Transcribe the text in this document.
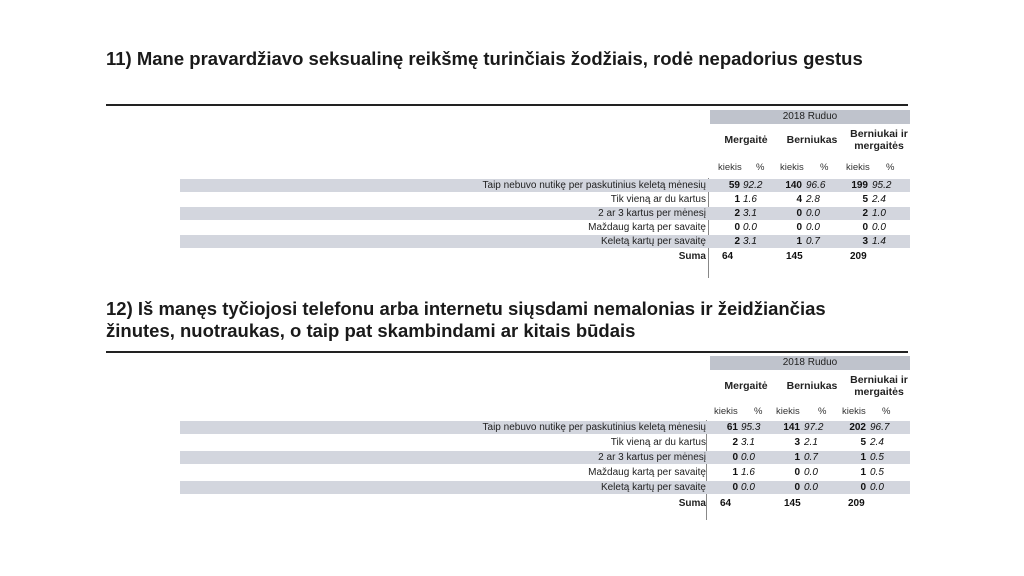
11) Mane pravardžiavo seksualinę reikšmę turinčiais žodžiais, rodė nepadorius gestus
2018 Ruduo
Mergaitė	Berniukas	Berniukai ir mergaitės
kiekis % kiekis % kiekis %
Taip nebuvo nutikę per paskutinius keletą mėnesių	59 92.2	140 96.6	199 95.2
Tik vieną ar du kartus	1 1.6	4 2.8	5 2.4
2 ar 3 kartus per mėnesį	2 3.1	0 0.0	2 1.0
Maždaug kartą per savaitę	0 0.0	0 0.0	0 0.0
Keletą kartų per savaitę	2 3.1	1 0.7	3 1.4
Suma 64	145	209
12) Iš manęs tyčiojosi telefonu arba internetu siųsdami nemalonias ir žeidžiančias žinutes, nuotraukas, o taip pat skambindami ar kitais būdais
2018 Ruduo
Mergaitė	Berniukas	Berniukai ir mergaitės
kiekis % kiekis % kiekis %
Taip nebuvo nutikę per paskutinius keletą mėnesių	61 95.3	141 97.2	202 96.7
Tik vieną ar du kartus	2 3.1	3 2.1	5 2.4
2 ar 3 kartus per mėnesį	0 0.0	1 0.7	1 0.5
Maždaug kartą per savaitę	1 1.6	0 0.0	1 0.5
Keletą kartų per savaitę	0 0.0	0 0.0	0 0.0
Suma 64	145	209
